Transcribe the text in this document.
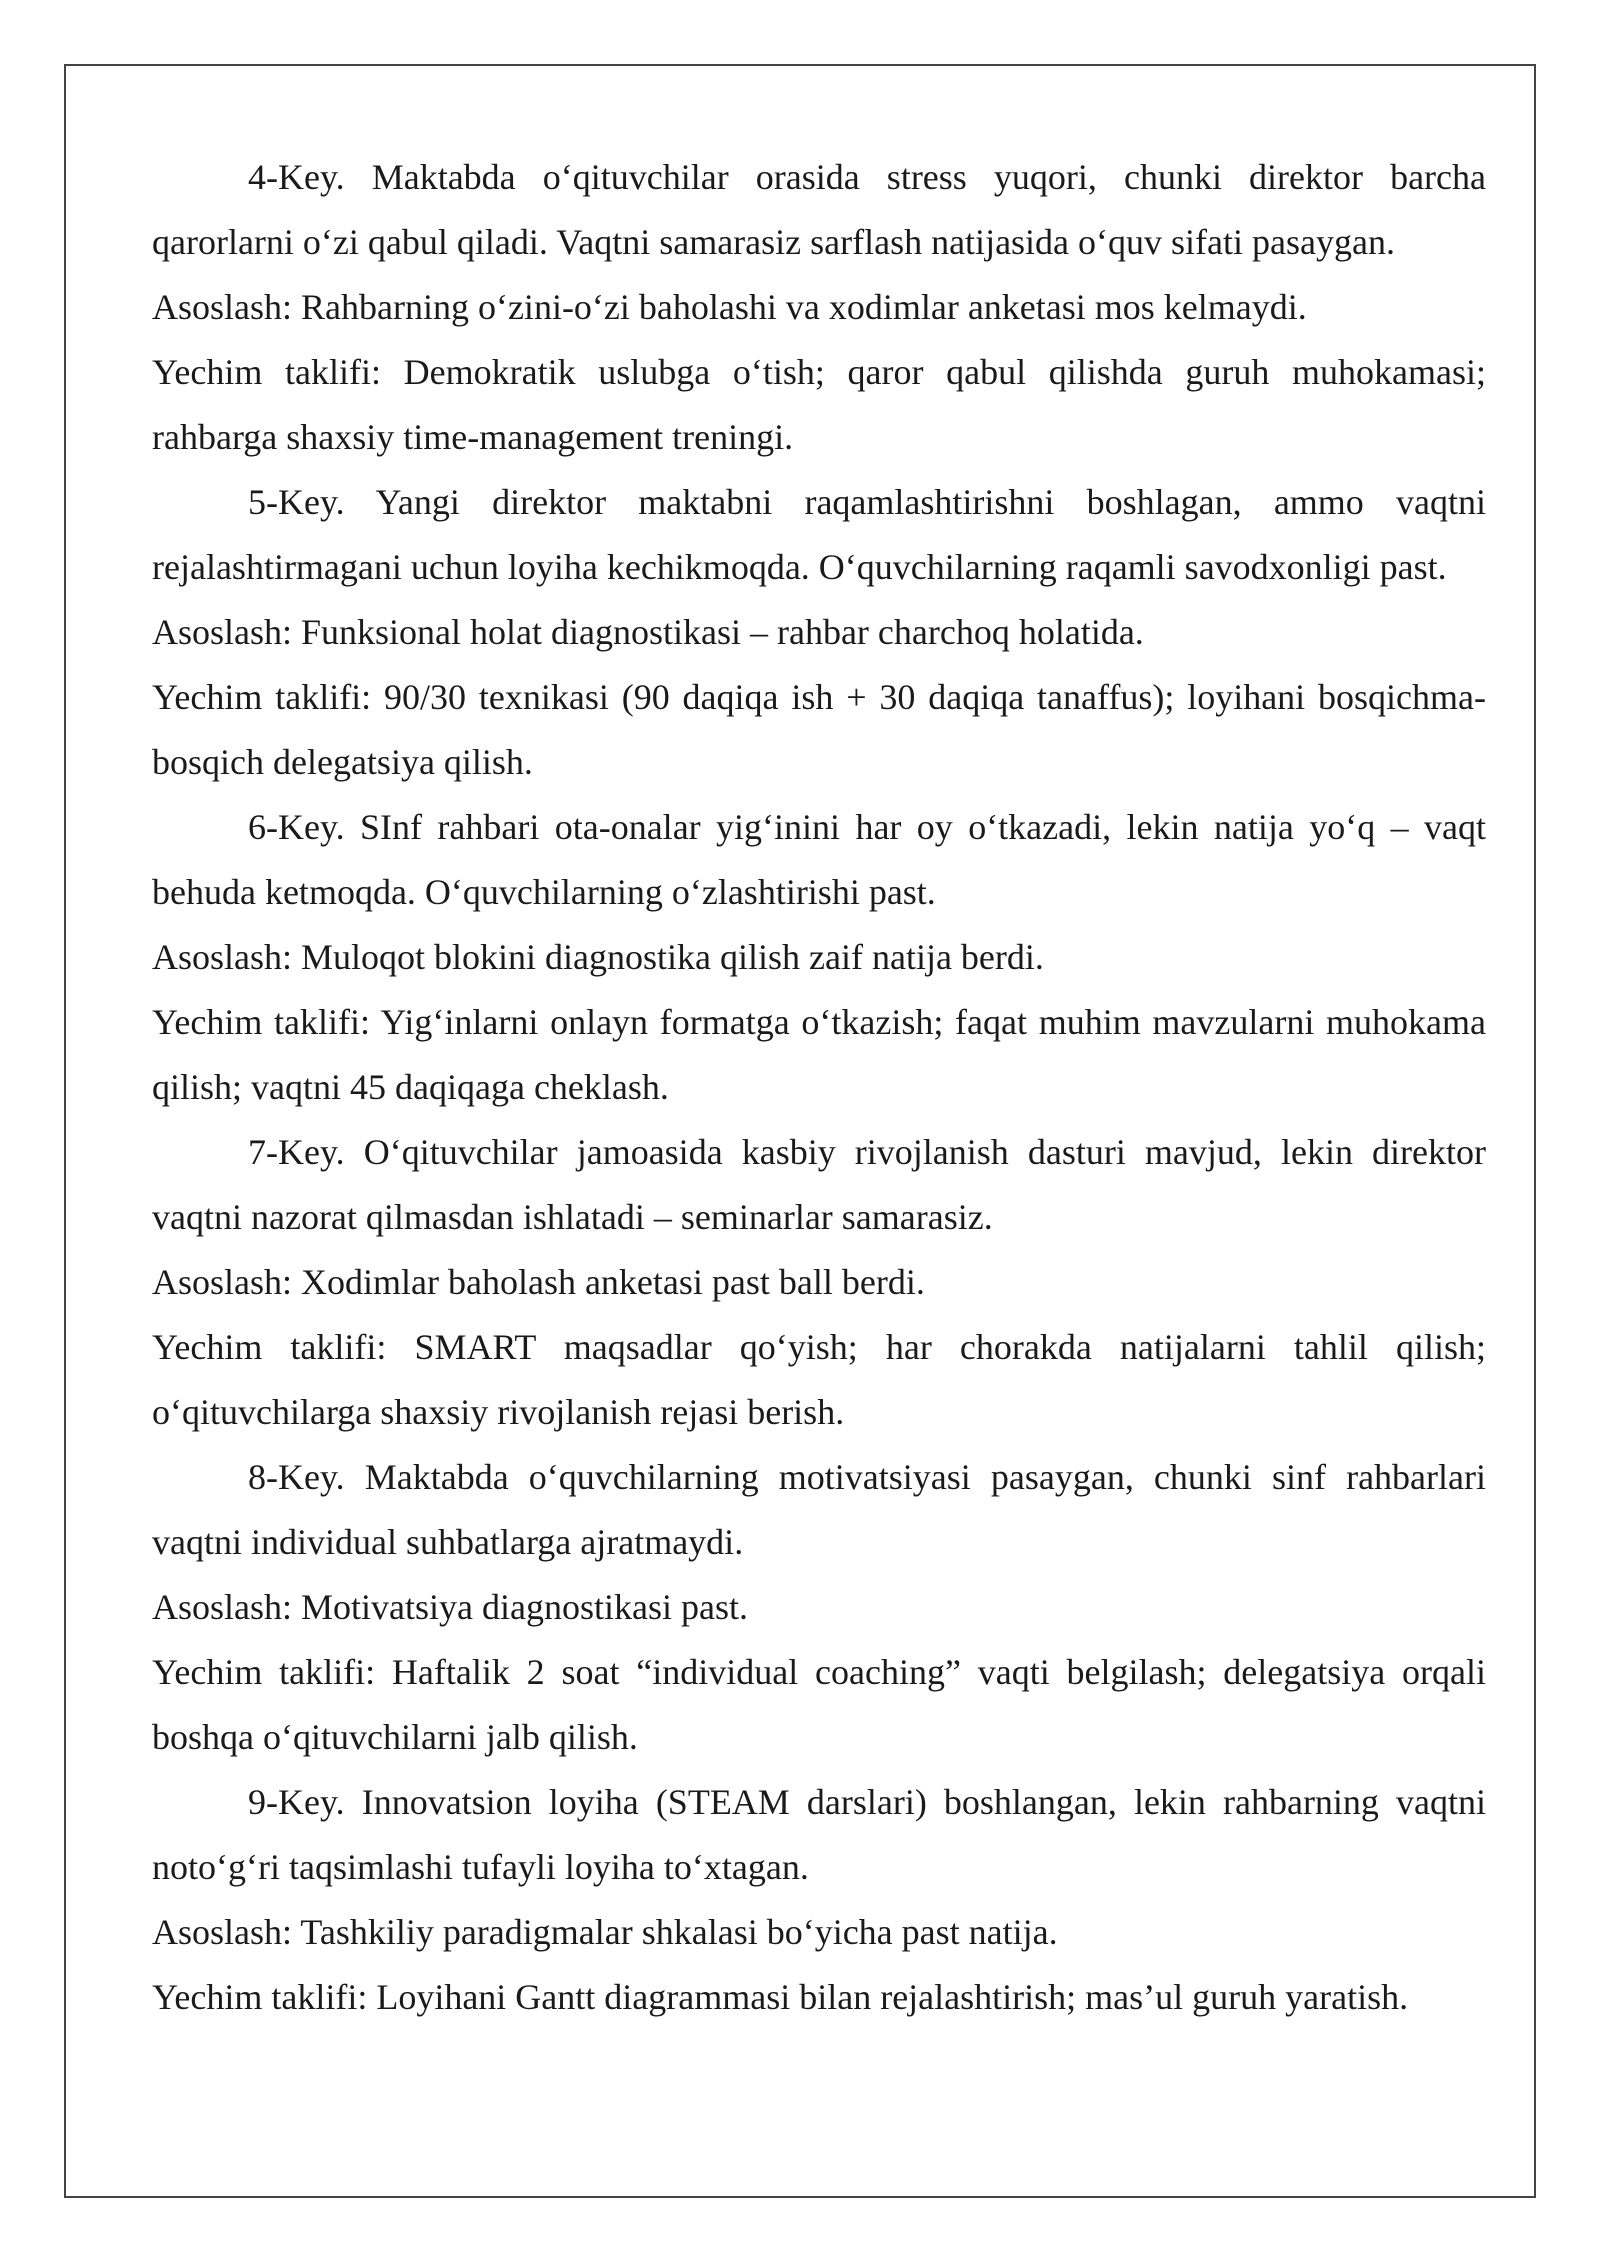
4-Key. Maktabda o‘qituvchilar orasida stress yuqori, chunki direktor barcha qarorlarni o‘zi qabul qiladi. Vaqtni samarasiz sarflash natijasida o‘quv sifati pasaygan.

Asoslash: Rahbarning o‘zini-o‘zi baholashi va xodimlar anketasi mos kelmaydi.

Yechim taklifi: Demokratik uslubga o‘tish; qaror qabul qilishda guruh muhokamasi; rahbarga shaxsiy time-management treningi.

5-Key. Yangi direktor maktabni raqamlashtirishni boshlagan, ammo vaqtni rejalashtirmagani uchun loyiha kechikmoqda. O‘quvchilarning raqamli savodxonligi past.

Asoslash: Funksional holat diagnostikasi – rahbar charchoq holatida.

Yechim taklifi: 90/30 texnikasi (90 daqiqa ish + 30 daqiqa tanaffus); loyihani bosqichma-bosqich delegatsiya qilish.

6-Key. SInf rahbari ota-onalar yig‘inini har oy o‘tkazadi, lekin natija yo‘q – vaqt behuda ketmoqda. O‘quvchilarning o‘zlashtirishi past.

Asoslash: Muloqot blokini diagnostika qilish zaif natija berdi.

Yechim taklifi: Yig‘inlarni onlayn formatga o‘tkazish; faqat muhim mavzularni muhokama qilish; vaqtni 45 daqiqaga cheklash.

7-Key. O‘qituvchilar jamoasida kasbiy rivojlanish dasturi mavjud, lekin direktor vaqtni nazorat qilmasdan ishlatadi – seminarlar samarasiz.

Asoslash: Xodimlar baholash anketasi past ball berdi.

Yechim taklifi: SMART maqsadlar qo‘yish; har chorakda natijalarni tahlil qilish; o‘qituvchilarga shaxsiy rivojlanish rejasi berish.

8-Key. Maktabda o‘quvchilarning motivatsiyasi pasaygan, chunki sinf rahbarlari vaqtni individual suhbatlarga ajratmaydi.

Asoslash: Motivatsiya diagnostikasi past.

Yechim taklifi: Haftalik 2 soat “individual coaching” vaqti belgilash; delegatsiya orqali boshqa o‘qituvchilarni jalb qilish.

9-Key. Innovatsion loyiha (STEAM darslari) boshlangan, lekin rahbarning vaqtni noto‘g‘ri taqsimlashi tufayli loyiha to‘xtagan.

Asoslash: Tashkiliy paradigmalar shkalasi bo‘yicha past natija.

Yechim taklifi: Loyihani Gantt diagrammasi bilan rejalashtirish; mas’ul guruh yaratish.
